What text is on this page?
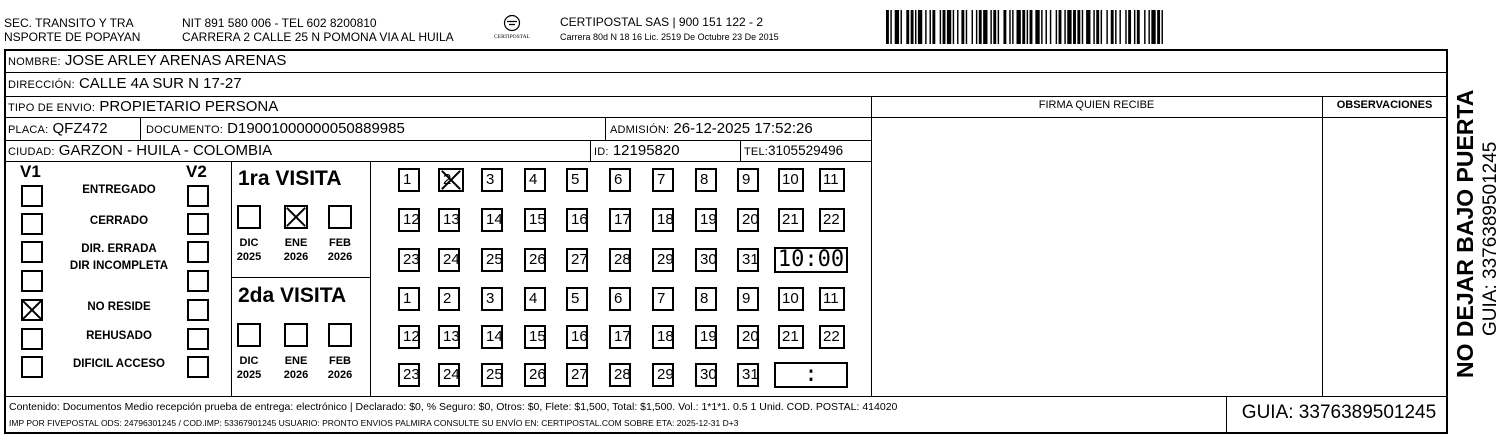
SEC. TRANSITO Y TRA
NSPORTE DE POPAYAN
NIT 891 580 006 - TEL 602 8200810
CARRERA 2 CALLE 25 N POMONA VIA AL HUILA	CERTIPOSTAL
CERTIPOSTAL SAS | 900 151 122 - 2
Carrera 80d N 18 16 Lic. 2519 De Octubre 23 De 2015
NOMBRE: JOSE ARLEY ARENAS ARENAS
DIRECCIÓN: CALLE 4A SUR N 17-27
TIPO DE ENVIO: PROPIETARIO PERSONA	FIRMA QUIEN RECIBE	OBSERVACIONES
PLACA: QFZ472	DOCUMENTO: D19001000000050889985	ADMISIÓN: 26-12-2025 17:52:26
CIUDAD: GARZON - HUILA - COLOMBIA	ID: 12195820	TEL:3105529496
V1	V2
ENTREGADO
CERRADO
DIR. ERRADA
DIR INCOMPLETA
NO RESIDE
REHUSADO
DIFICIL ACCESO
1ra VISITA
DIC
2025
ENE
2026
FEB
2026
1	2	3	4	5	6	7	8	9	10	11
12	13	14	15	16	17	18	19	20 21	22
23	24	25	26	27	28	29	30	31 10:00
2da VISITA
DIC
2025
ENE
2026
FEB
2026
1	2	3	4	5	6	7	8	9	10	11
12	13	14	15	16	17	18	19	20 21	22
23	24	25	26	27	28	29	30	31	:
Contenido: Documentos Medio recepción prueba de entrega: electrónico | Declarado: $0, % Seguro: $0, Otros: $0, Flete: $1,500, Total: $1,500. Vol.: 1*1*1. 0.5 1 Unid. COD. POSTAL: 414020
IMP POR FIVEPOSTAL ODS: 24796301245 / COD.IMP: 53367901245 USUARIO: PRONTO ENVIOS PALMIRA CONSULTE SU ENVÍO EN: CERTIPOSTAL.COM SOBRE ETA: 2025-12-31 D+3	GUIA: 3376389501245
NO DEJAR BAJO PUERTA GUIA: 3376389501245
